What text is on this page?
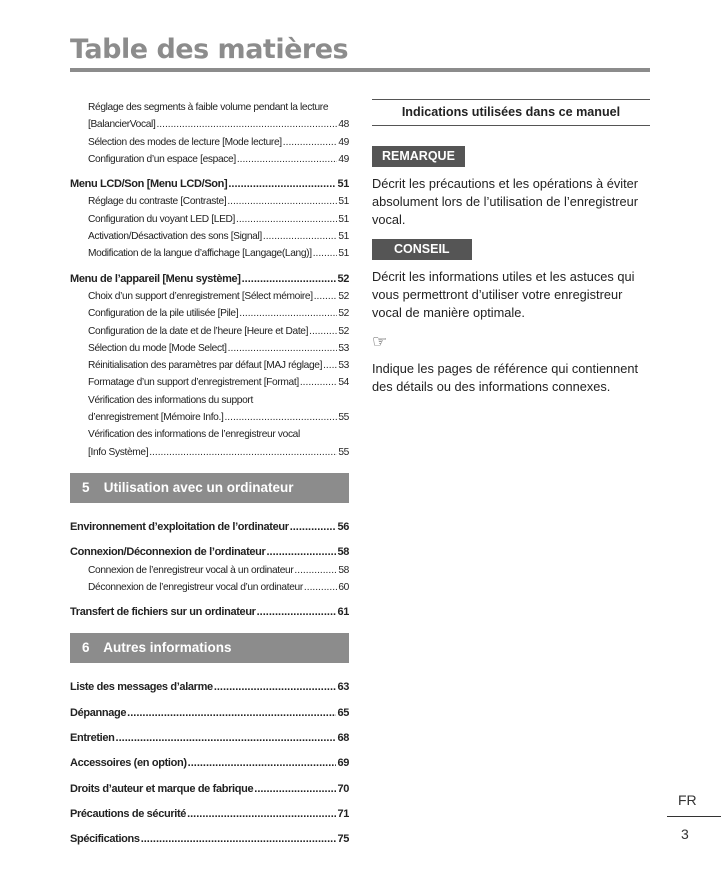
Table des matières
Réglage des segments à faible volume pendant la lecture
[BalancierVocal] .....	48
Sélection des modes de lecture [Mode lecture] .....	49
Configuration d’un espace [espace] .....	49
Menu LCD/Son [Menu LCD/Son] .....	51
Réglage du contraste [Contraste] .....	51
Configuration du voyant LED [LED] .....	51
Activation/Désactivation des sons [Signal] .....	51
Modification de la langue d’affichage [Langage(Lang)] .....	51
Menu de l’appareil [Menu système] .....	52
Choix d’un support d’enregistrement [Sélect mémoire] .....	52
Configuration de la pile utilisée [Pile] .....	52
Configuration de la date et de l’heure [Heure et Date] .....	52
Sélection du mode [Mode Select] .....	53
Réinitialisation des paramètres par défaut [MAJ réglage] ..... 53
Formatage d’un support d’enregistrement [Format] .....	54
Vérification des informations du support
d’enregistrement [Mémoire Info.] .....	55
Vérification des informations de l’enregistreur vocal
[Info Système] .....	55
5 Utilisation avec un ordinateur
Environnement d’exploitation de l’ordinateur .....	56
Connexion/Déconnexion de l’ordinateur .....	58
Connexion de l’enregistreur vocal à un ordinateur .....	58
Déconnexion de l’enregistreur vocal d’un ordinateur .....	60
Transfert de fichiers sur un ordinateur .....	61
6 Autres informations
Liste des messages d’alarme .....	63
Dépannage .....	65
Entretien .....	68
Accessoires (en option) .....	69
Droits d’auteur et marque de fabrique .....	70
Précautions de sécurité .....	71
Spécifications .....	75
Indications utilisées dans ce manuel
REMARQUE

Décrit les précautions et les opérations à éviter absolument lors de l’utilisation de l’enregistreur vocal.

CONSEIL

Décrit les informations utiles et les astuces qui vous permettront d’utiliser votre enregistreur vocal de manière optimale.

☞

Indique les pages de référence qui contiennent des détails ou des informations connexes.

FR
3
